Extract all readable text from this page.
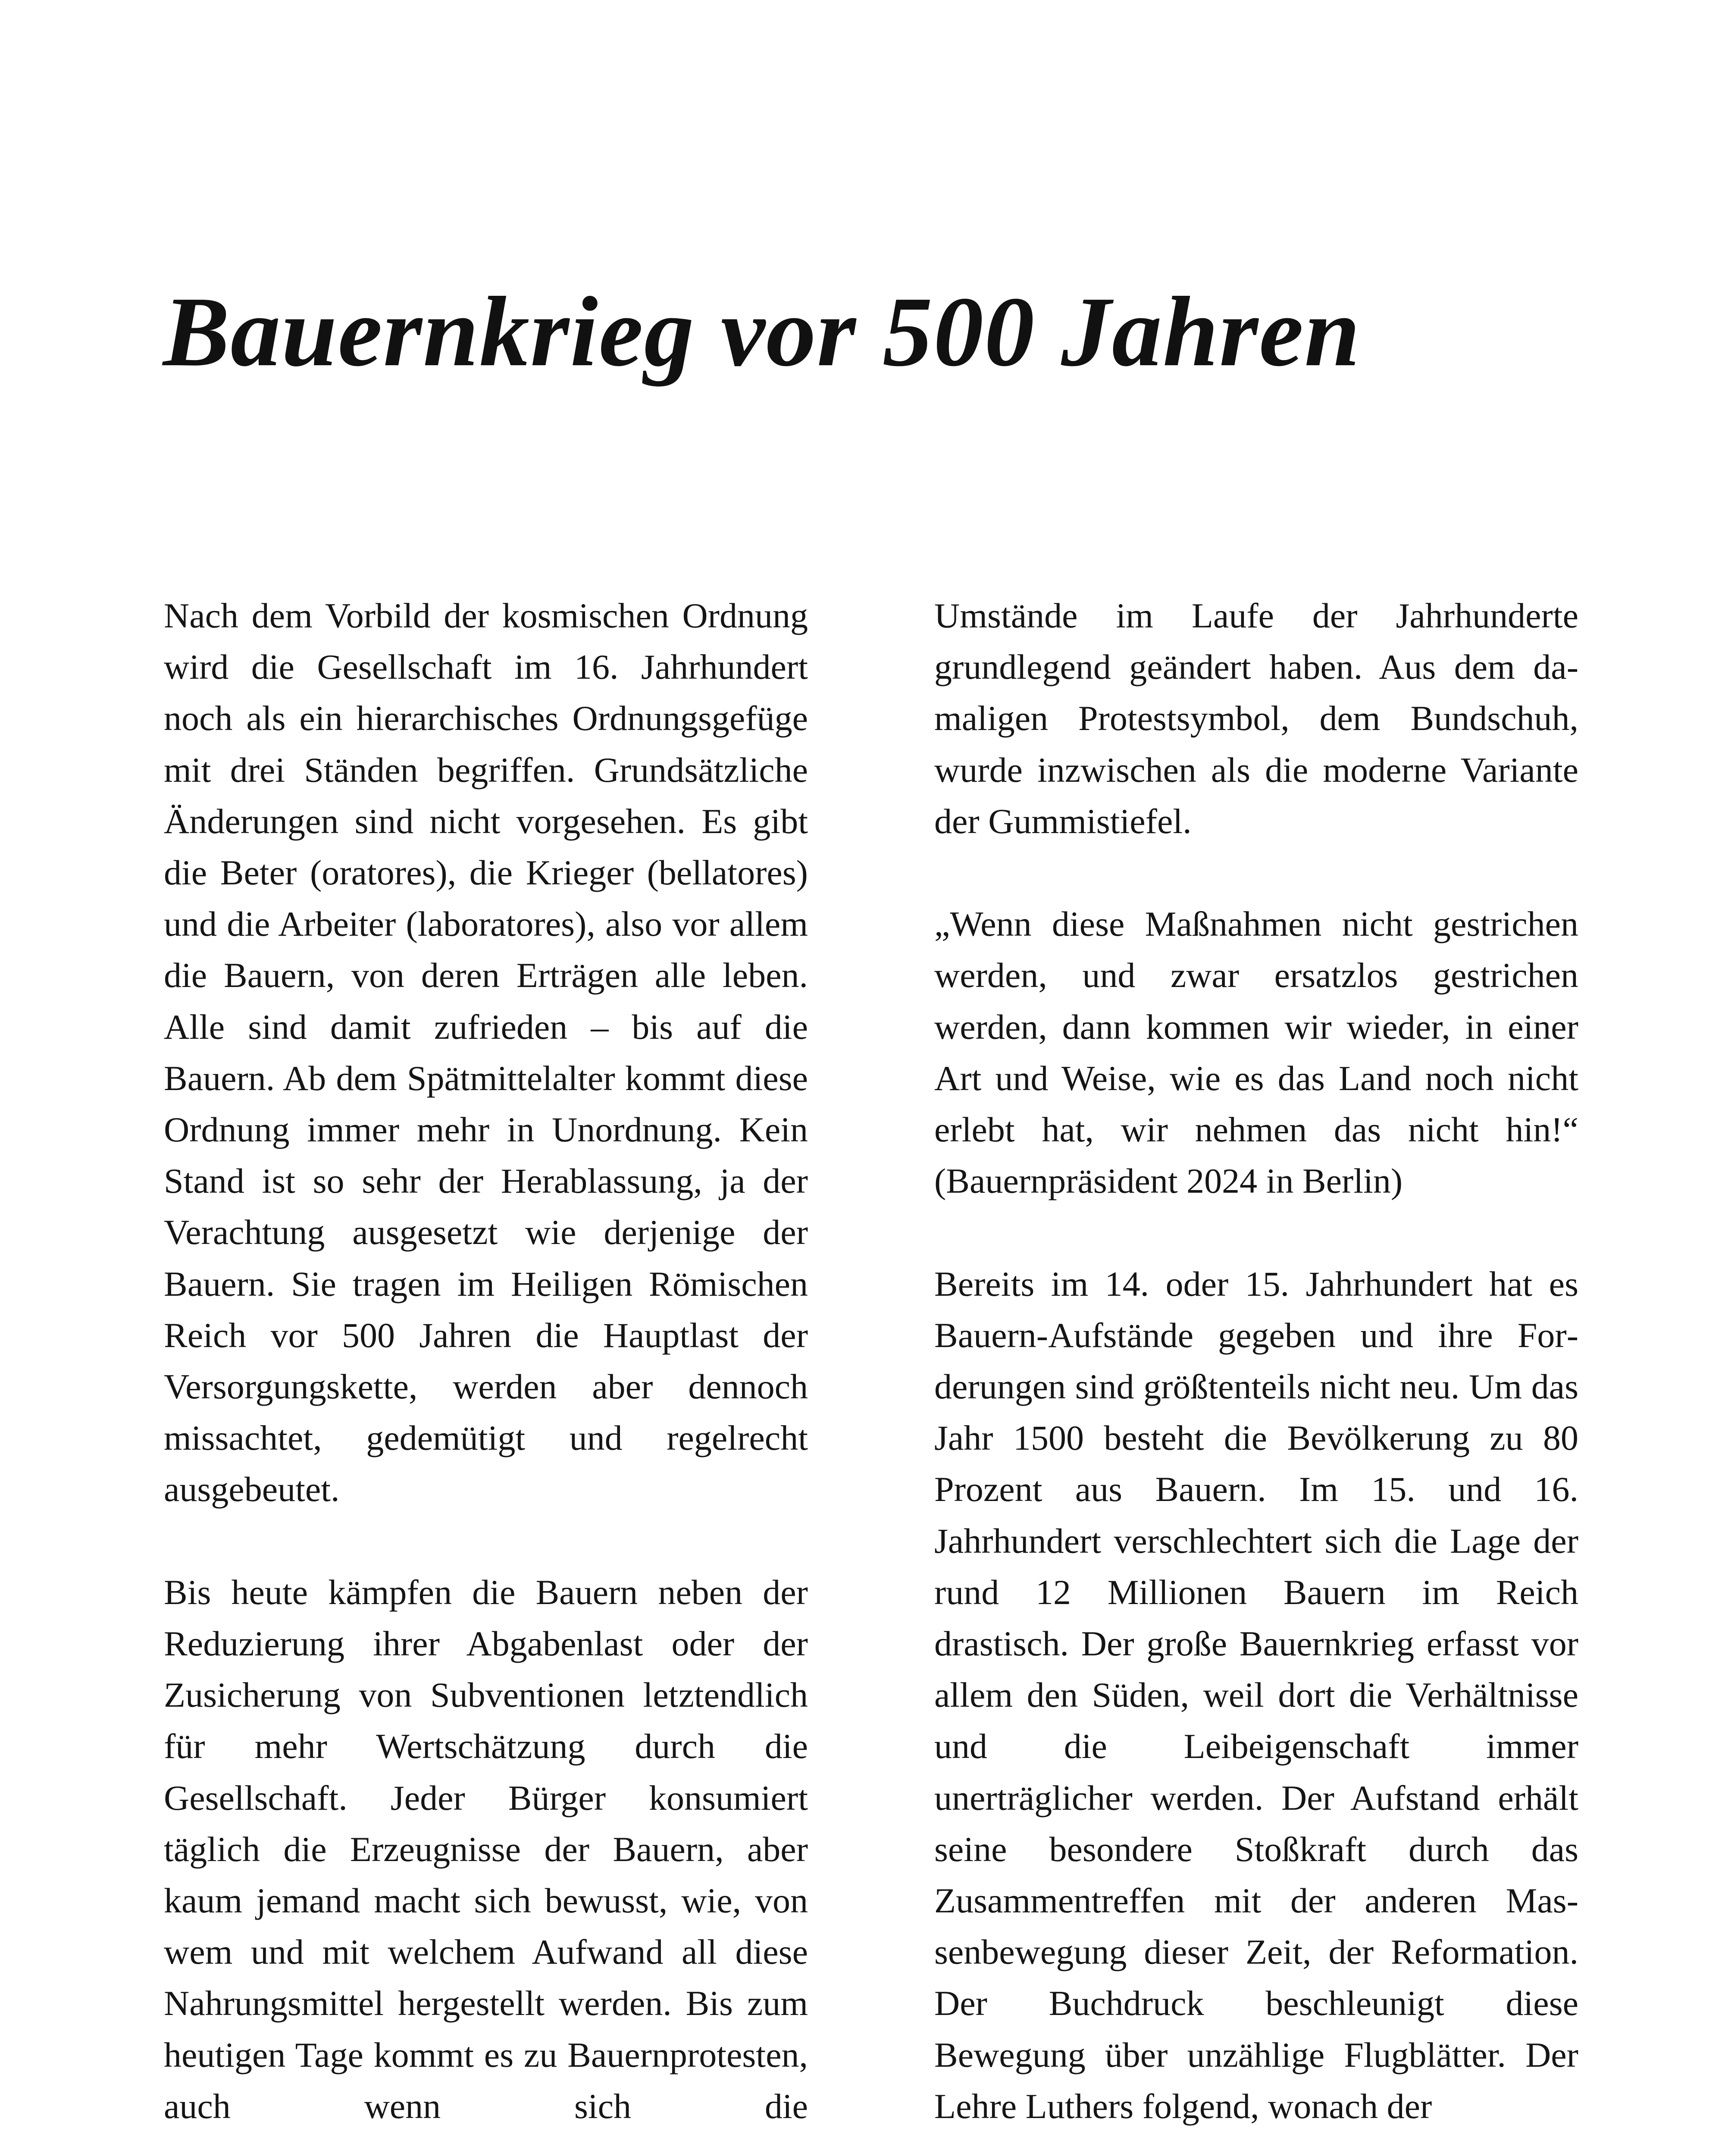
Bauernkrieg vor 500 Jahren

Nach dem Vorbild der kosmischen Ordnung wird die Gesellschaft im 16. Jahrhundert noch als ein hierarchisches Ordnungsgefüge mit drei Ständen begriffen. Grundsätzliche Änderungen sind nicht vorgesehen. Es gibt die Beter (oratores), die Krieger (bellatores) und die Arbeiter (laboratores), also vor allem die Bauern, von deren Erträgen alle leben. Alle sind damit zufrieden – bis auf die Bauern. Ab dem Spätmittelalter kommt diese Ordnung immer mehr in Unordnung. Kein Stand ist so sehr der Herablassung, ja der Verachtung ausgesetzt wie derjenige der Bauern. Sie tragen im Heiligen Römischen Reich vor 500 Jahren die Hauptlast der Versorgungskette, werden aber dennoch missachtet, gedemütigt und regelrecht ausgebeutet.

Bis heute kämpfen die Bauern neben der Reduzierung ihrer Abgabenlast oder der Zusicherung von Subventionen letztendlich für mehr Wertschätzung durch die Gesellschaft. Jeder Bürger konsumiert täglich die Erzeugnisse der Bauern, aber kaum jemand macht sich bewusst, wie, von wem und mit welchem Aufwand all diese Nahrungsmittel hergestellt werden. Bis zum heutigen Tage kommt es zu Bauernprotesten, auch wenn sich die

Umstände im Laufe der Jahrhunderte grundlegend geändert haben. Aus dem damaligen Protestsymbol, dem Bundschuh, wurde inzwischen als die moderne Variante der Gummistiefel.

„Wenn diese Maßnahmen nicht gestrichen werden, und zwar ersatzlos gestrichen werden, dann kommen wir wieder, in einer Art und Weise, wie es das Land noch nicht erlebt hat, wir nehmen das nicht hin!“ (Bauernpräsident 2024 in Berlin)

Bereits im 14. oder 15. Jahrhundert hat es Bauern-Aufstände gegeben und ihre Forderungen sind größtenteils nicht neu. Um das Jahr 1500 besteht die Bevölkerung zu 80 Prozent aus Bauern. Im 15. und 16. Jahrhundert verschlechtert sich die Lage der rund 12 Millionen Bauern im Reich drastisch. Der große Bauernkrieg erfasst vor allem den Süden, weil dort die Verhältnisse und die Leibeigenschaft immer unerträglicher werden. Der Aufstand erhält seine besondere Stoßkraft durch das Zusammentreffen mit der anderen Massenbewegung dieser Zeit, der Reformation. Der Buchdruck beschleunigt diese Bewegung über unzählige Flugblätter. Der Lehre Luthers folgend, wonach der
